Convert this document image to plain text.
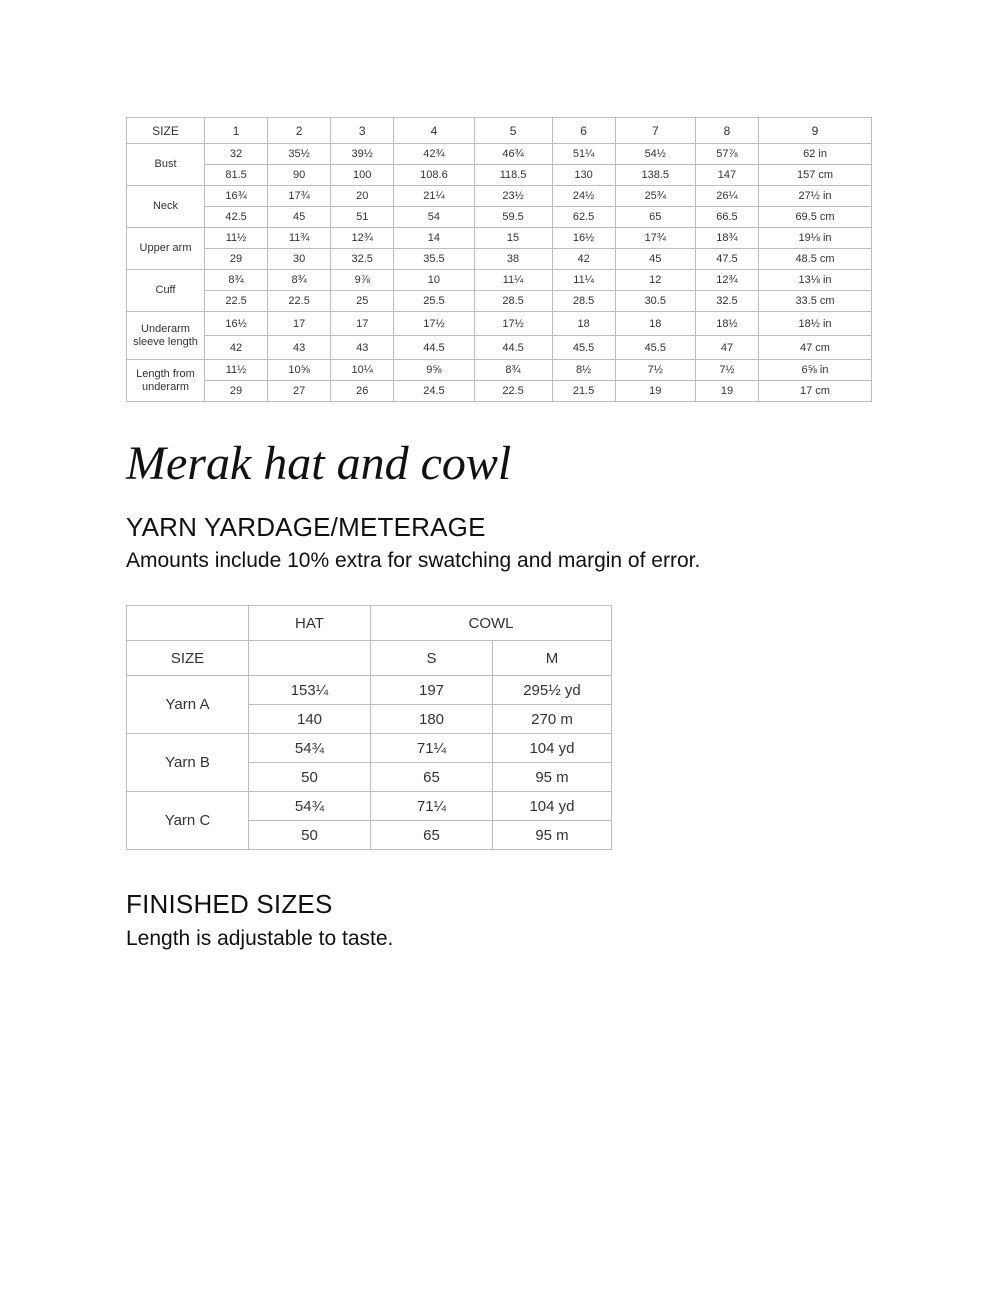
SIZE	1	2	3	4	5	6	7	8	9
Bust	32	35½	39½	42¾	46¾	51¼	54½	57⅞	62 in
	81.5	90	100	108.6	118.5	130	138.5	147	157 cm
Neck	16¾	17¾	20	21¼	23½	24½	25¾	26¼	27½ in
	42.5	45	51	54	59.5	62.5	65	66.5	69.5 cm
Upper arm	11½	11¾	12¾	14	15	16½	17¾	18¾	19⅛ in
	29	30	32.5	35.5	38	42	45	47.5	48.5 cm
Cuff	8¾	8¾	9⅞	10	11¼	11¼	12	12¾	13⅛ in
	22.5	22.5	25	25.5	28.5	28.5	30.5	32.5	33.5 cm
Underarm sleeve length	16½	17	17	17½	17½	18	18	18½	18½ in
	42	43	43	44.5	44.5	45.5	45.5	47	47 cm
Length from underarm	11½	10⅝	10¼	9⅝	8¾	8½	7½	7½	6⅝ in
	29	27	26	24.5	22.5	21.5	19	19	17 cm
Merak hat and cowl
YARN YARDAGE/METERAGE

Amounts include 10% extra for swatching and margin of error.

	HAT	COWL	
SIZE		S	M
Yarn A	153¼	197	295½ yd
	140	180	270 m
Yarn B	54¾	71¼	104 yd
	50	65	95 m
Yarn C	54¾	71¼	104 yd
	50	65	95 m
FINISHED SIZES

Length is adjustable to taste.
